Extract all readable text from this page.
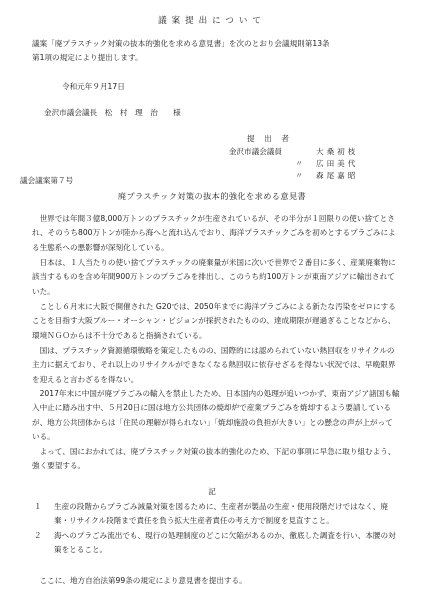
議案提出について
議案「廃プラスチック対策の抜本的強化を求める意見書」を次のとおり会議規則第13条
第1項の規定により提出します。
令和元年９月17日
金沢市議会議長　松　村　理　治　　様
提　出　者
金沢市議会議員	大桑初枝
〃	広田美代
〃	森尾嘉昭
議会議案第７号
廃プラスチック対策の抜本的強化を求める意見書
世界では年間３億8,000万トンのプラスチックが生産されているが、その半分が１回限りの使い捨てとされ、そのうち800万トンが陸から海へと流れ込んでおり、海洋プラスチックごみを初めとするプラごみによる生態系への悪影響が深刻化している。
日本は、１人当たりの使い捨てプラスチックの廃棄量が米国に次いで世界で２番目に多く、産業廃棄物に該当するものを含め年間900万トンのプラごみを排出し、このうち約100万トンが東南アジアに輸出されていた。
ことし６月末に大阪で開催された G20では、2050年までに海洋プラごみによる新たな汚染をゼロにすることを目指す大阪ブルー・オーシャン・ビジョンが採択されたものの、達成期限が遅過ぎることなどから、環境ＮＧＯからは不十分であると指摘されている。
国は、プラスチック資源循環戦略を策定したものの、国際的には認められていない熱回収をリサイクルの主力に据えており、それ以上のリサイクルができなくなる熱回収に依存せざるを得ない状況では、早晩限界を迎えると言わざるを得ない。
2017年末に中国が廃プラごみの輸入を禁止したため、日本国内の処理が追いつかず、東南アジア諸国も輸入中止に踏み出す中、５月20日に国は地方公共団体の焼却炉で産業プラごみを焼却するよう要請しているが、地方公共団体からは「住民の理解が得られない」「焼却施設の負担が大きい」との懸念の声が上がっている。
よって、国におかれては、廃プラスチック対策の抜本的強化のため、下記の事項に早急に取り組むよう、強く要望する。
記
１	生産の段階からプラごみ減量対策を図るために、生産者が製品の生産・使用段階だけではなく、廃棄・リサイクル段階まで責任を負う拡大生産者責任の考え方で制度を見直すこと。
２	海へのプラごみ流出でも、現行の処理制度のどこに欠陥があるのか、徹底した調査を行い、本腰の対策をとること。
ここに、地方自治法第99条の規定により意見書を提出する。
